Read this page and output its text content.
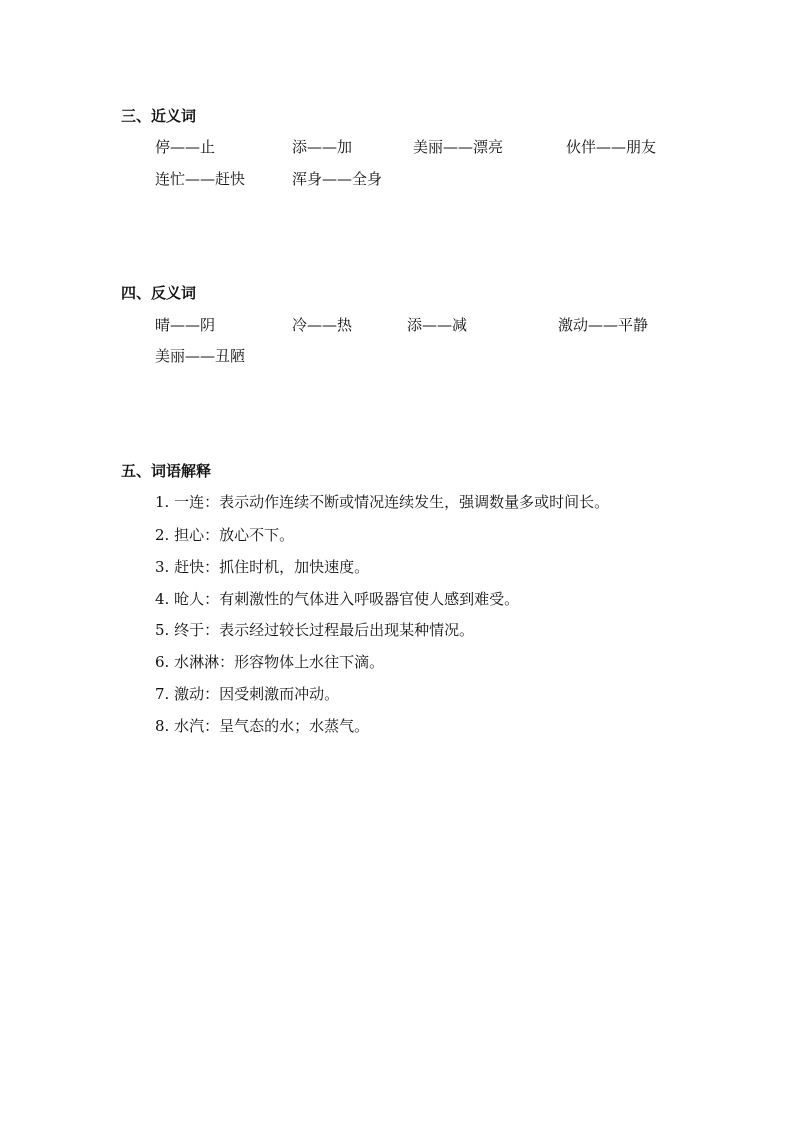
三、近义词
停——止	添——加	美丽——漂亮	伙伴——朋友
连忙——赶快	浑身——全身
四、反义词
晴——阴	冷——热	添——减	激动——平静
美丽——丑陋
五、词语解释
1. 一连：表示动作连续不断或情况连续发生，强调数量多或时间长。
2. 担心：放心不下。
3. 赶快：抓住时机，加快速度。
4. 呛人：有刺激性的气体进入呼吸器官使人感到难受。
5. 终于：表示经过较长过程最后出现某种情况。
6. 水淋淋：形容物体上水往下滴。
7. 激动：因受刺激而冲动。
8. 水汽：呈气态的水；水蒸气。
